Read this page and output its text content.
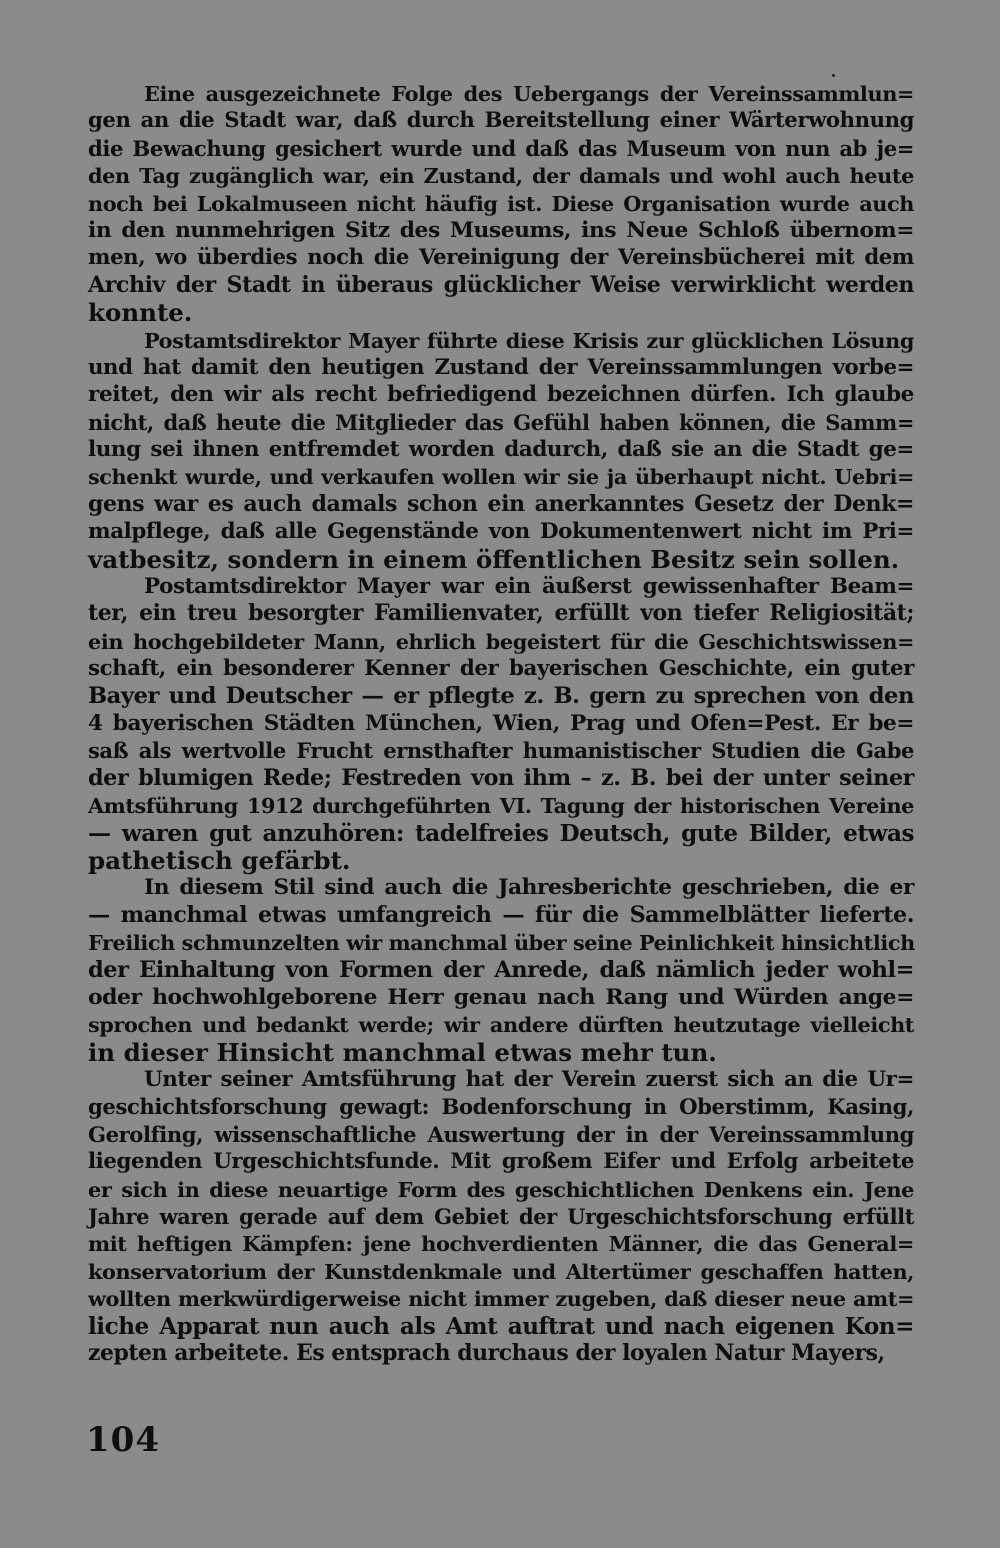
Eine ausgezeichnete Folge des Uebergangs der Vereinssammlun=
gen an die Stadt war, daß durch Bereitstellung einer Wärterwohnung
die Bewachung gesichert wurde und daß das Museum von nun ab je=
den Tag zugänglich war, ein Zustand, der damals und wohl auch heute
noch bei Lokalmuseen nicht häufig ist. Diese Organisation wurde auch
in den nunmehrigen Sitz des Museums, ins Neue Schloß übernom=
men, wo überdies noch die Vereinigung der Vereinsbücherei mit dem
Archiv der Stadt in überaus glücklicher Weise verwirklicht werden
konnte.
Postamtsdirektor Mayer führte diese Krisis zur glücklichen Lösung
und hat damit den heutigen Zustand der Vereinssammlungen vorbe=
reitet, den wir als recht befriedigend bezeichnen dürfen. Ich glaube
nicht, daß heute die Mitglieder das Gefühl haben können, die Samm=
lung sei ihnen entfremdet worden dadurch, daß sie an die Stadt ge=
schenkt wurde, und verkaufen wollen wir sie ja überhaupt nicht. Uebri=
gens war es auch damals schon ein anerkanntes Gesetz der Denk=
malpflege, daß alle Gegenstände von Dokumentenwert nicht im Pri=
vatbesitz, sondern in einem öffentlichen Besitz sein sollen.
Postamtsdirektor Mayer war ein äußerst gewissenhafter Beam=
ter, ein treu besorgter Familienvater, erfüllt von tiefer Religiosität;
ein hochgebildeter Mann, ehrlich begeistert für die Geschichtswissen=
schaft, ein besonderer Kenner der bayerischen Geschichte, ein guter
Bayer und Deutscher — er pflegte z. B. gern zu sprechen von den
4 bayerischen Städten München, Wien, Prag und Ofen=Pest. Er be=
saß als wertvolle Frucht ernsthafter humanistischer Studien die Gabe
der blumigen Rede; Festreden von ihm – z. B. bei der unter seiner
Amtsführung 1912 durchgeführten VI. Tagung der historischen Vereine
— waren gut anzuhören: tadelfreies Deutsch, gute Bilder, etwas
pathetisch gefärbt.
In diesem Stil sind auch die Jahresberichte geschrieben, die er
— manchmal etwas umfangreich — für die Sammelblätter lieferte.
Freilich schmunzelten wir manchmal über seine Peinlichkeit hinsichtlich
der Einhaltung von Formen der Anrede, daß nämlich jeder wohl=
oder hochwohlgeborene Herr genau nach Rang und Würden ange=
sprochen und bedankt werde; wir andere dürften heutzutage vielleicht
in dieser Hinsicht manchmal etwas mehr tun.
Unter seiner Amtsführung hat der Verein zuerst sich an die Ur=
geschichtsforschung gewagt: Bodenforschung in Oberstimm, Kasing,
Gerolfing, wissenschaftliche Auswertung der in der Vereinssammlung
liegenden Urgeschichtsfunde. Mit großem Eifer und Erfolg arbeitete
er sich in diese neuartige Form des geschichtlichen Denkens ein. Jene
Jahre waren gerade auf dem Gebiet der Urgeschichtsforschung erfüllt
mit heftigen Kämpfen: jene hochverdienten Männer, die das General=
konservatorium der Kunstdenkmale und Altertümer geschaffen hatten,
wollten merkwürdigerweise nicht immer zugeben, daß dieser neue amt=
liche Apparat nun auch als Amt auftrat und nach eigenen Kon=
zepten arbeitete. Es entsprach durchaus der loyalen Natur Mayers,
104
